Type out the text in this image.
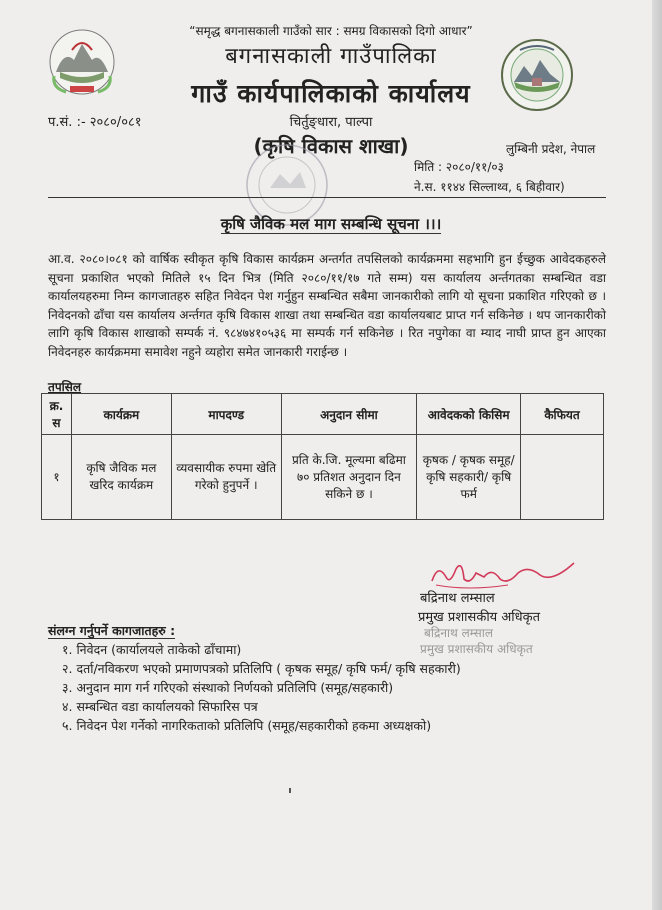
“समृद्ध बगनासकाली गाउँको सार : समग्र विकासको दिगो आधार”
बगनासकाली गाउँपालिका
गाउँ कार्यपालिकाको कार्यालय
प.सं. :- २०८०/०८१	चिर्तुङ्धारा, पाल्पा
(कृषि विकास शाखा)	लुम्बिनी प्रदेश, नेपाल
मिति : २०८०/११/०३
ने.स. ११४४ सिल्लाथ्व, ६ बिहीवार)
कृषि जैविक मल माग सम्बन्धि सूचना ।।।
आ.व. २०८०।०८१ को वार्षिक स्वीकृत कृषि विकास कार्यक्रम अन्तर्गत तपसिलको कार्यक्रममा सहभागि हुन ईच्छुक आवेदकहरुले सूचना प्रकाशित भएको मितिले १५ दिन भित्र (मिति २०८०/११/१७ गते सम्म) यस कार्यालय अर्न्तगतका सम्बन्धित वडा कार्यालयहरुमा निम्न कागजातहरु सहित निवेदन पेश गर्नुहुन सम्बन्धित सबैमा जानकारीको लागि यो सूचना प्रकाशित गरिएको छ । निवेदनको ढाँचा यस कार्यालय अर्न्तगत कृषि विकास शाखा तथा सम्बन्धित वडा कार्यालयबाट प्राप्त गर्न सकिनेछ । थप जानकारीको लागि कृषि विकास शाखाको सम्पर्क नं. ९८४७४१०५३६ मा सम्पर्क गर्न सकिनेछ । रित नपुगेका वा म्याद नाघी प्राप्त हुन आएका निवेदनहरु कार्यक्रममा समावेश नहुने व्यहोरा समेत जानकारी गराईन्छ ।
तपसिल
क्र. स	कार्यक्रम	मापदण्ड	अनुदान सीमा	आवेदकको किसिम	कैफियत
१	कृषि जैविक मल खरिद कार्यक्रम	व्यवसायीक रुपमा खेति गरेको हुनुपर्ने ।	प्रति के.जि. मूल्यमा बढिमा ७० प्रतिशत अनुदान दिन सकिने छ ।	कृषक / कृषक समूह/कृषि सहकारी/ कृषि फर्म	
बद्रिनाथ लम्साल
प्रमुख प्रशासकीय अधिकृत
बद्रिनाथ लम्साल
प्रमुख प्रशासकीय अधिकृत
संलग्न गर्नुपर्ने कागजातहरु :
१. निवेदन (कार्यालयले ताकेको ढाँचामा)
२. दर्ता/नविकरण भएको प्रमाणपत्रको प्रतिलिपि ( कृषक समूह/ कृषि फर्म/ कृषि सहकारी)
३. अनुदान माग गर्न गरिएको संस्थाको निर्णयको प्रतिलिपि (समूह/सहकारी)
४. सम्बन्धित वडा कार्यालयको सिफारिस पत्र
५. निवेदन पेश गर्नेको नागरिकताको प्रतिलिपि (समूह/सहकारीको हकमा अध्यक्षको)
